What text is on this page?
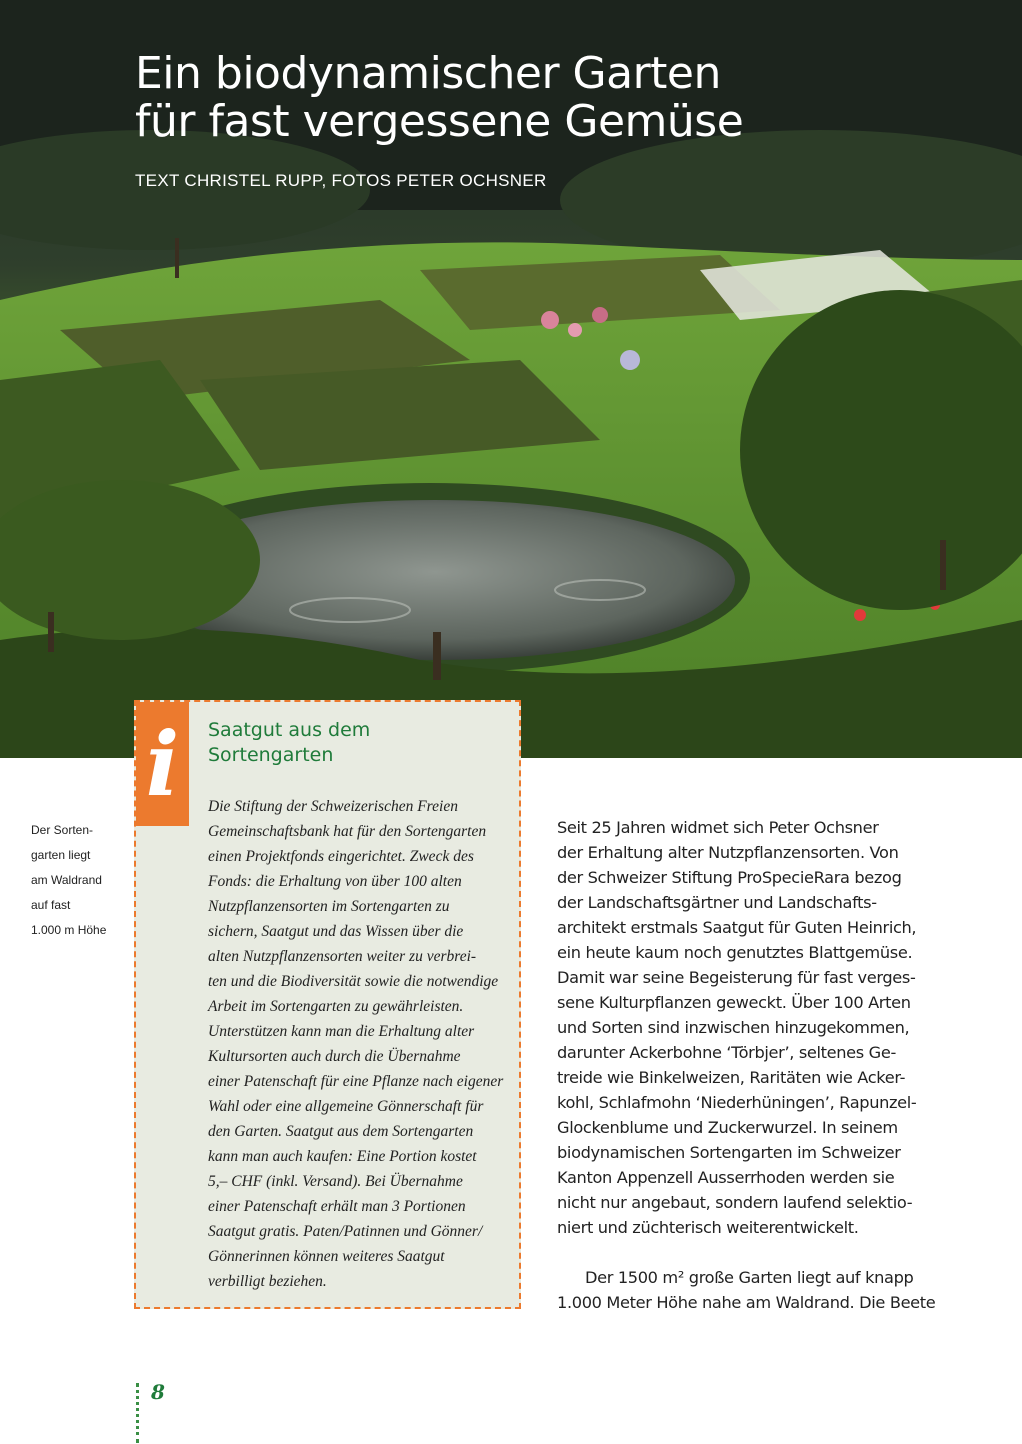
Ein biodynamischer Garten
für fast vergessene Gemüse
TEXT CHRISTEL RUPP, FOTOS PETER OCHSNER
i	Saatgut aus dem
Sortengarten
Die Stiftung der Schweizerischen Freien
Gemeinschaftsbank hat für den Sortengarten
einen Projektfonds eingerichtet. Zweck des
Fonds: die Erhaltung von über 100 alten
Nutzpflanzensorten im Sortengarten zu
sichern, Saatgut und das Wissen über die
alten Nutzpflanzensorten weiter zu verbrei-
ten und die Biodiversität sowie die notwendige
Arbeit im Sortengarten zu gewährleisten.
Unterstützen kann man die Erhaltung alter
Kultursorten auch durch die Übernahme
einer Patenschaft für eine Pflanze nach eigener
Wahl oder eine allgemeine Gönnerschaft für
den Garten. Saatgut aus dem Sortengarten
kann man auch kaufen: Eine Portion kostet
5,– CHF (inkl. Versand). Bei Übernahme
einer Patenschaft erhält man 3 Portionen
Saatgut gratis. Paten/Patinnen und Gönner/
Gönnerinnen können weiteres Saatgut
verbilligt beziehen.
Der Sorten-
garten liegt
am Waldrand
auf fast
1.000 m Höhe
Seit 25 Jahren widmet sich Peter Ochsner
der Erhaltung alter Nutzpflanzensorten. Von
der Schweizer Stiftung ProSpecieRara bezog
der Landschaftsgärtner und Landschafts-
architekt erstmals Saatgut für Guten Heinrich,
ein heute kaum noch genutztes Blattgemüse.
Damit war seine Begeisterung für fast verges-
sene Kulturpflanzen geweckt. Über 100 Arten
und Sorten sind inzwischen hinzugekommen,
darunter Ackerbohne ‘Törbjer’, seltenes Ge-
treide wie Binkelweizen, Raritäten wie Acker-
kohl, Schlafmohn ‘Niederhüningen’, Rapunzel-
Glockenblume und Zuckerwurzel. In seinem
biodynamischen Sortengarten im Schweizer
Kanton Appenzell Ausserrhoden werden sie
nicht nur angebaut, sondern laufend selektio-
niert und züchterisch weiterentwickelt.
Der 1500 m² große Garten liegt auf knapp
1.000 Meter Höhe nahe am Waldrand. Die Beete
8
